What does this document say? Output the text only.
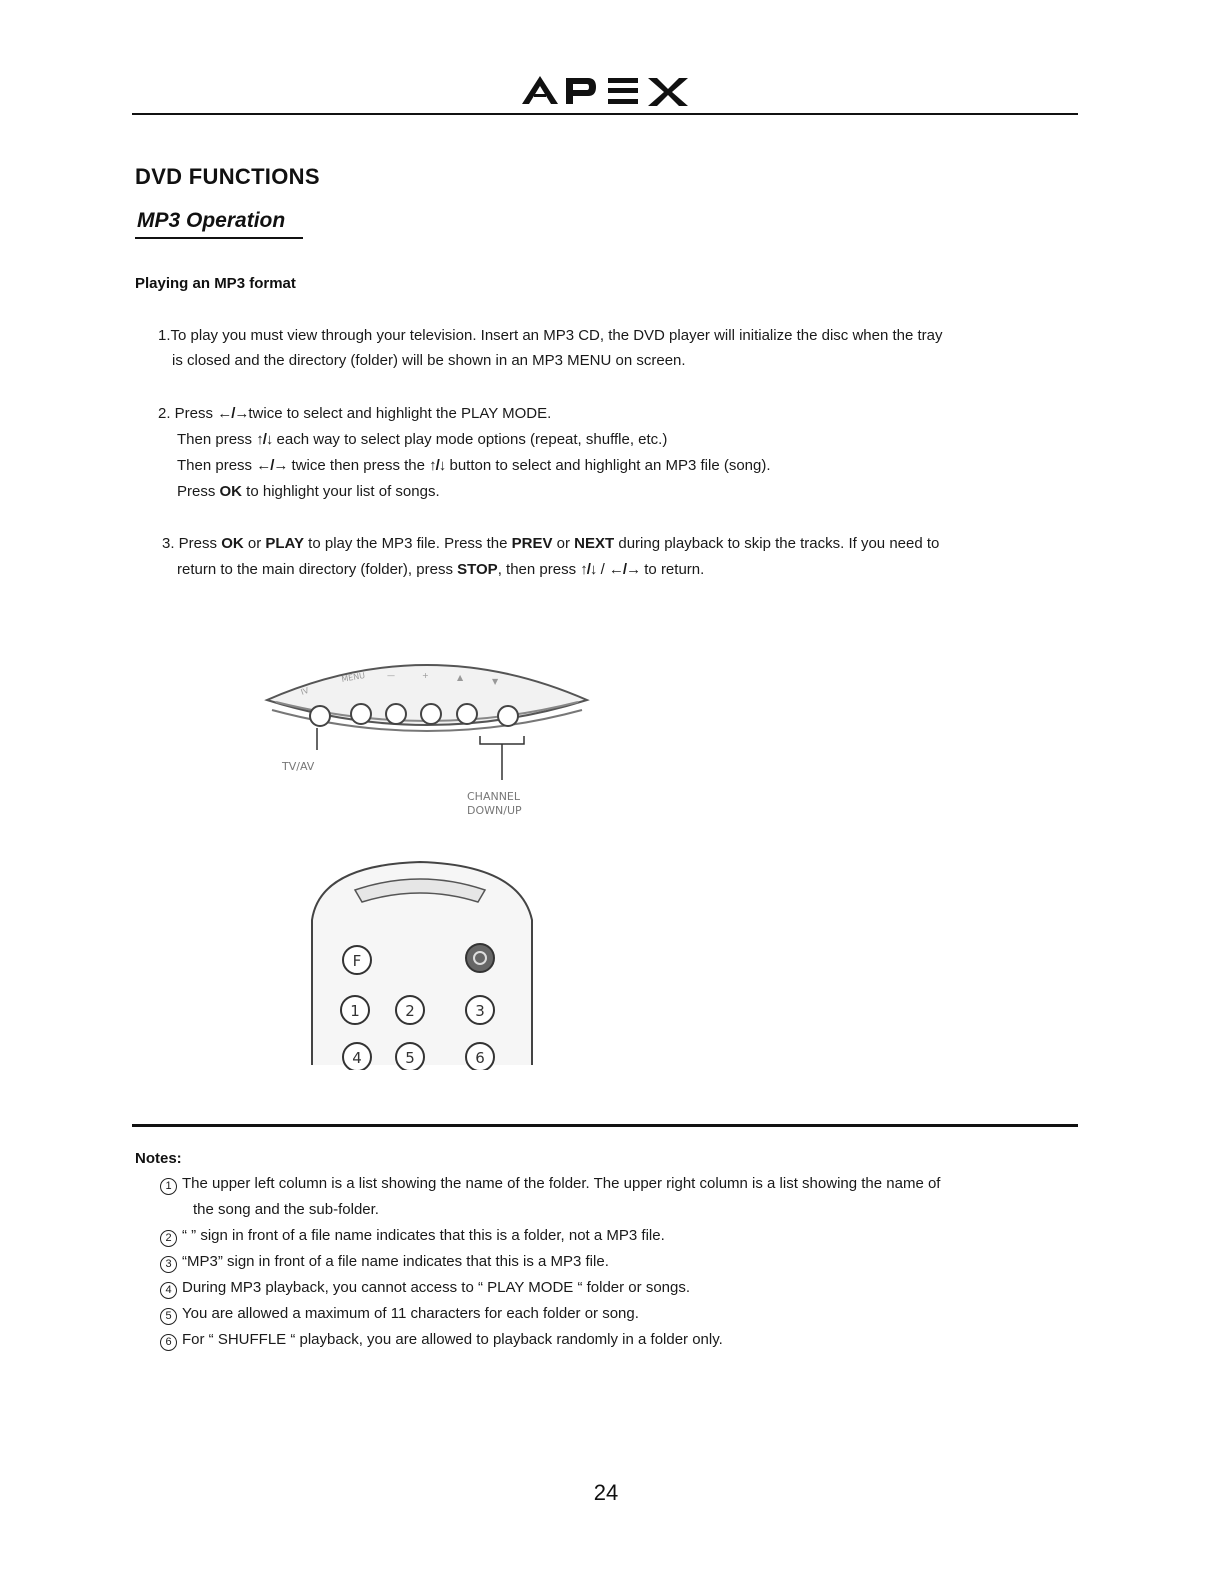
DVD FUNCTIONS
MP3 Operation
Playing an MP3 format
1.To play you must view through your television. Insert an MP3 CD, the DVD player will initialize the disc when the tray
is closed and the directory (folder) will be shown in an MP3 MENU on screen.
2. Press ←/→twice to select and highlight the PLAY MODE.
Then press ↑/↓ each way to select play mode options (repeat, shuffle, etc.)
Then press ←/→ twice then press the ↑/↓ button to select and highlight an MP3 file (song).
Press OK to highlight your list of songs.
3. Press OK or PLAY to play the MP3 file. Press the PREV or NEXT during playback to skip the tracks. If you need to
return to the main directory (folder), press STOP, then press ↑/↓ / ←/→ to return.
IV
MENU	—	+	▲	▼
TV/AV
CHANNEL
DOWN/UP
F
1	2	3
4	5	6
Notes:
1 The upper left column is a list showing the name of the folder. The upper right column is a list showing the name of
the song and the sub-folder.
2 “ ” sign in front of a file name indicates that this is a folder, not a MP3 file.
3 “MP3” sign in front of a file name indicates that this is a MP3 file.
4 During MP3 playback, you cannot access to “ PLAY MODE “ folder or songs.
5 You are allowed a maximum of 11 characters for each folder or song.
6 For “ SHUFFLE “ playback, you are allowed to playback randomly in a folder only.
24
